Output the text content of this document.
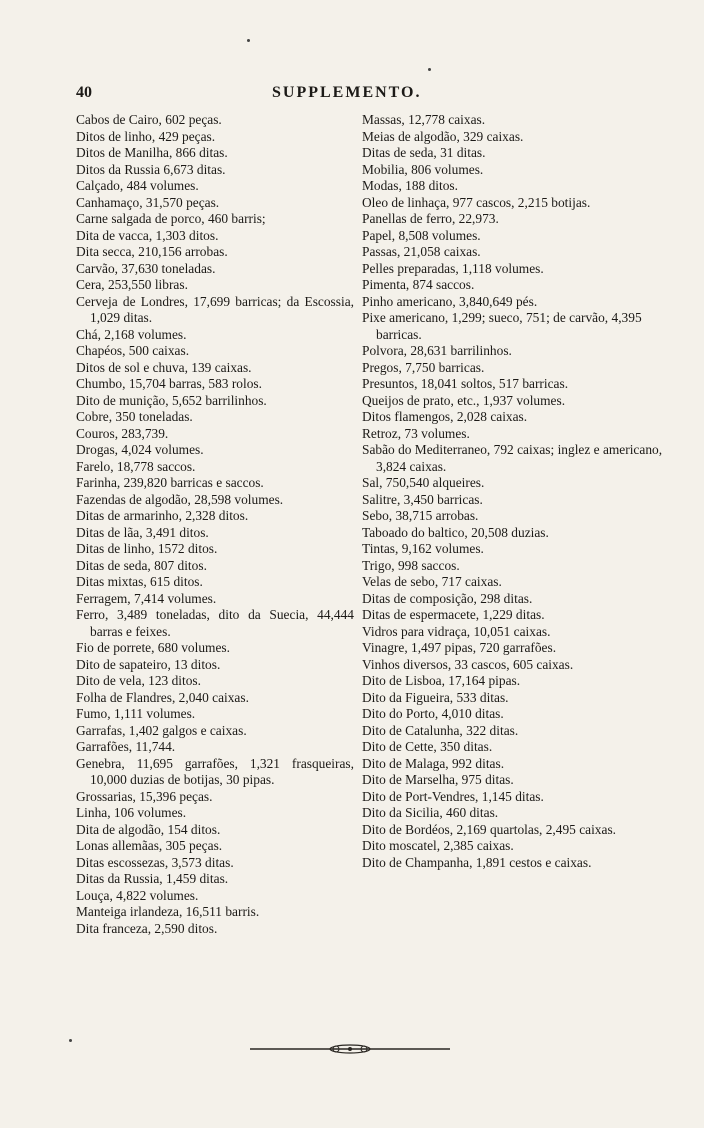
40	SUPPLEMENTO.
Cabos de Cairo, 602 peças.
Ditos de linho, 429 peças.
Ditos de Manilha, 866 ditas.
Ditos da Russia 6,673 ditas.
Calçado, 484 volumes.
Canhamaço, 31,570 peças.
Carne salgada de porco, 460 barris;
Dita de vacca, 1,303 ditos.
Dita secca, 210,156 arrobas.
Carvão, 37,630 toneladas.
Cera, 253,550 libras.
Cerveja de Londres, 17,699 barricas; da Escossia, 1,029 ditas.
Chá, 2,168 volumes.
Chapéos, 500 caixas.
Ditos de sol e chuva, 139 caixas.
Chumbo, 15,704 barras, 583 rolos.
Dito de munição, 5,652 barrilinhos.
Cobre, 350 toneladas.
Couros, 283,739.
Drogas, 4,024 volumes.
Farelo, 18,778 saccos.
Farinha, 239,820 barricas e saccos.
Fazendas de algodão, 28,598 volumes.
Ditas de armarinho, 2,328 ditos.
Ditas de lãa, 3,491 ditos.
Ditas de linho, 1572 ditos.
Ditas de seda, 807 ditos.
Ditas mixtas, 615 ditos.
Ferragem, 7,414 volumes.
Ferro, 3,489 toneladas, dito da Suecia, 44,444 barras e feixes.
Fio de porrete, 680 volumes.
Dito de sapateiro, 13 ditos.
Dito de vela, 123 ditos.
Folha de Flandres, 2,040 caixas.
Fumo, 1,111 volumes.
Garrafas, 1,402 galgos e caixas.
Garrafões, 11,744.
Genebra, 11,695 garrafões, 1,321 frasqueiras, 10,000 duzias de botijas, 30 pipas.
Grossarias, 15,396 peças.
Linha, 106 volumes.
Dita de algodão, 154 ditos.
Lonas allemãas, 305 peças.
Ditas escossezas, 3,573 ditas.
Ditas da Russia, 1,459 ditas.
Louça, 4,822 volumes.
Manteiga irlandeza, 16,511 barris.
Dita franceza, 2,590 ditos.
Massas, 12,778 caixas.
Meias de algodão, 329 caixas.
Ditas de seda, 31 ditas.
Mobilia, 806 volumes.
Modas, 188 ditos.
Oleo de linhaça, 977 cascos, 2,215 botijas.
Panellas de ferro, 22,973.
Papel, 8,508 volumes.
Passas, 21,058 caixas.
Pelles preparadas, 1,118 volumes.
Pimenta, 874 saccos.
Pinho americano, 3,840,649 pés.
Pixe americano, 1,299; sueco, 751; de carvão, 4,395 barricas.
Polvora, 28,631 barrilinhos.
Pregos, 7,750 barricas.
Presuntos, 18,041 soltos, 517 barricas.
Queijos de prato, etc., 1,937 volumes.
Ditos flamengos, 2,028 caixas.
Retroz, 73 volumes.
Sabão do Mediterraneo, 792 caixas; inglez e americano, 3,824 caixas.
Sal, 750,540 alqueires.
Salitre, 3,450 barricas.
Sebo, 38,715 arrobas.
Taboado do baltico, 20,508 duzias.
Tintas, 9,162 volumes.
Trigo, 998 saccos.
Velas de sebo, 717 caixas.
Ditas de composição, 298 ditas.
Ditas de espermacete, 1,229 ditas.
Vidros para vidraça, 10,051 caixas.
Vinagre, 1,497 pipas, 720 garrafões.
Vinhos diversos, 33 cascos, 605 caixas.
Dito de Lisboa, 17,164 pipas.
Dito da Figueira, 533 ditas.
Dito do Porto, 4,010 ditas.
Dito de Catalunha, 322 ditas.
Dito de Cette, 350 ditas.
Dito de Malaga, 992 ditas.
Dito de Marselha, 975 ditas.
Dito de Port-Vendres, 1,145 ditas.
Dito da Sicilia, 460 ditas.
Dito de Bordéos, 2,169 quartolas, 2,495 caixas.
Dito moscatel, 2,385 caixas.
Dito de Champanha, 1,891 cestos e caixas.
